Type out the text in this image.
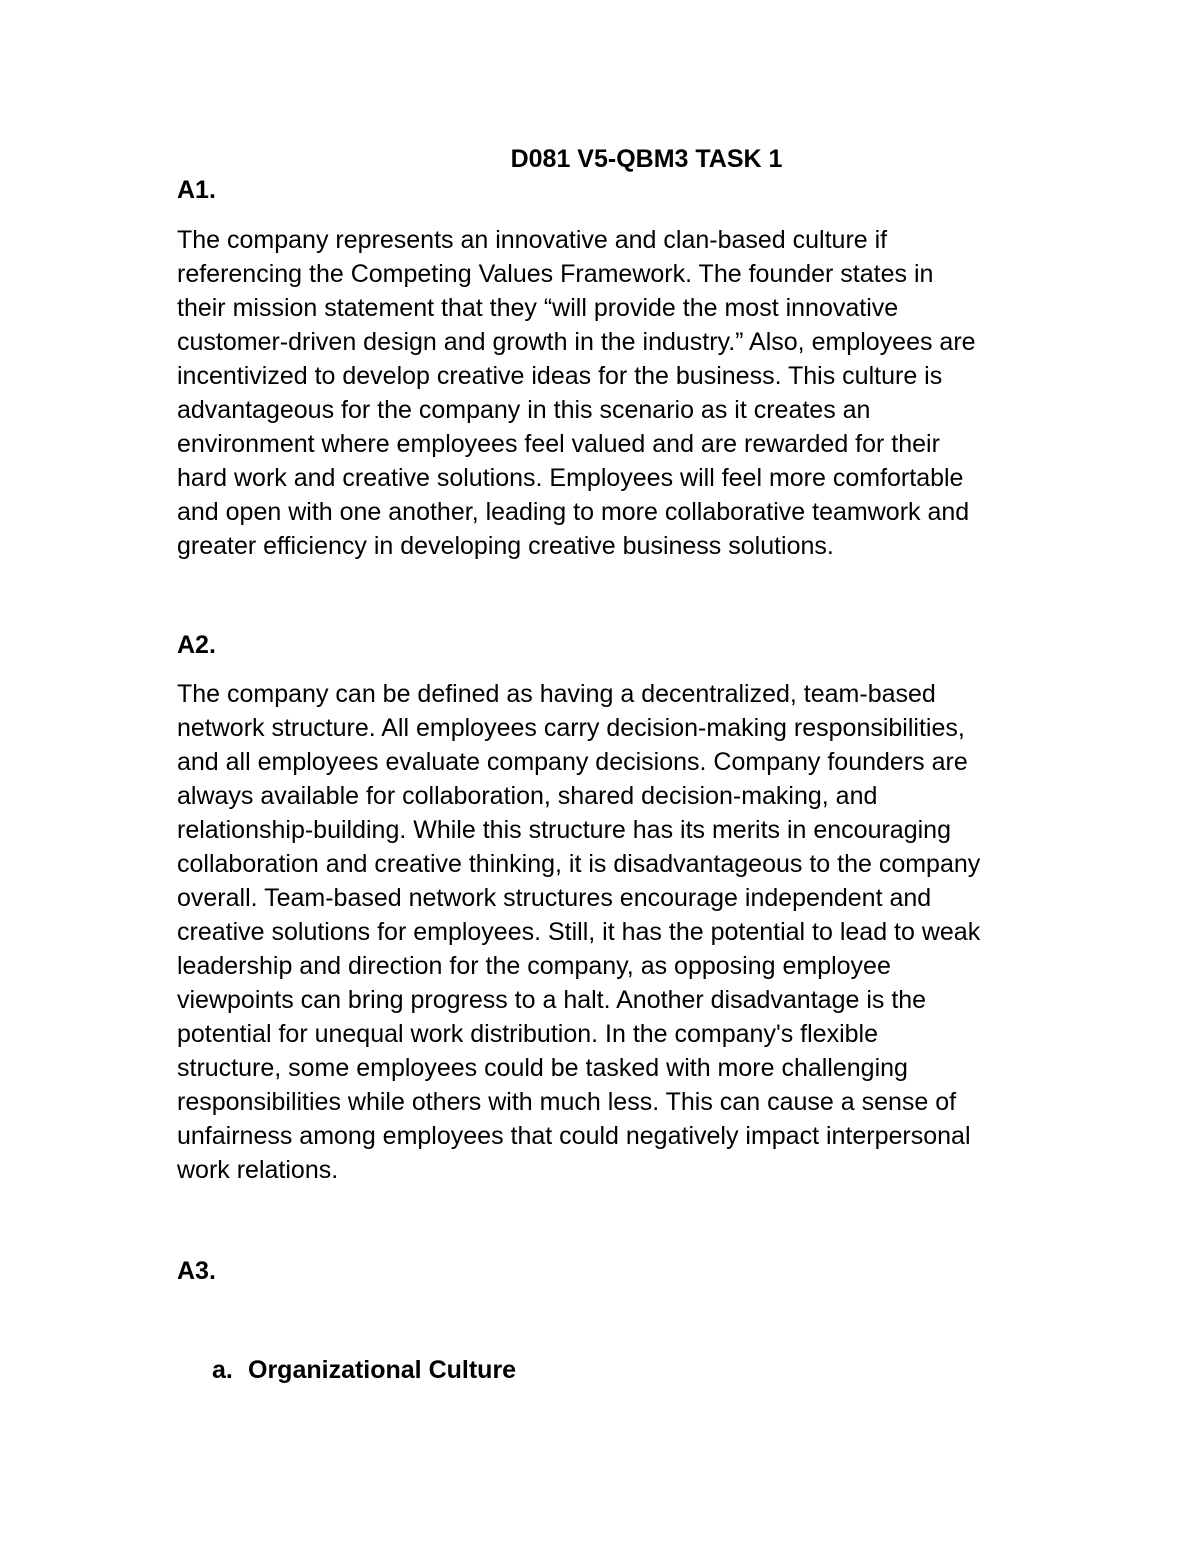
D081 V5-QBM3 TASK 1
A1.
The company represents an innovative and clan-based culture if
referencing the Competing Values Framework. The founder states in
their mission statement that they “will provide the most innovative
customer-driven design and growth in the industry.” Also, employees are
incentivized to develop creative ideas for the business. This culture is
advantageous for the company in this scenario as it creates an
environment where employees feel valued and are rewarded for their
hard work and creative solutions. Employees will feel more comfortable
and open with one another, leading to more collaborative teamwork and
greater efficiency in developing creative business solutions.
A2.
The company can be defined as having a decentralized, team-based
network structure. All employees carry decision-making responsibilities,
and all employees evaluate company decisions. Company founders are
always available for collaboration, shared decision-making, and
relationship-building. While this structure has its merits in encouraging
collaboration and creative thinking, it is disadvantageous to the company
overall. Team-based network structures encourage independent and
creative solutions for employees. Still, it has the potential to lead to weak
leadership and direction for the company, as opposing employee
viewpoints can bring progress to a halt. Another disadvantage is the
potential for unequal work distribution. In the company's flexible
structure, some employees could be tasked with more challenging
responsibilities while others with much less. This can cause a sense of
unfairness among employees that could negatively impact interpersonal
work relations.
A3.
a. Organizational Culture
